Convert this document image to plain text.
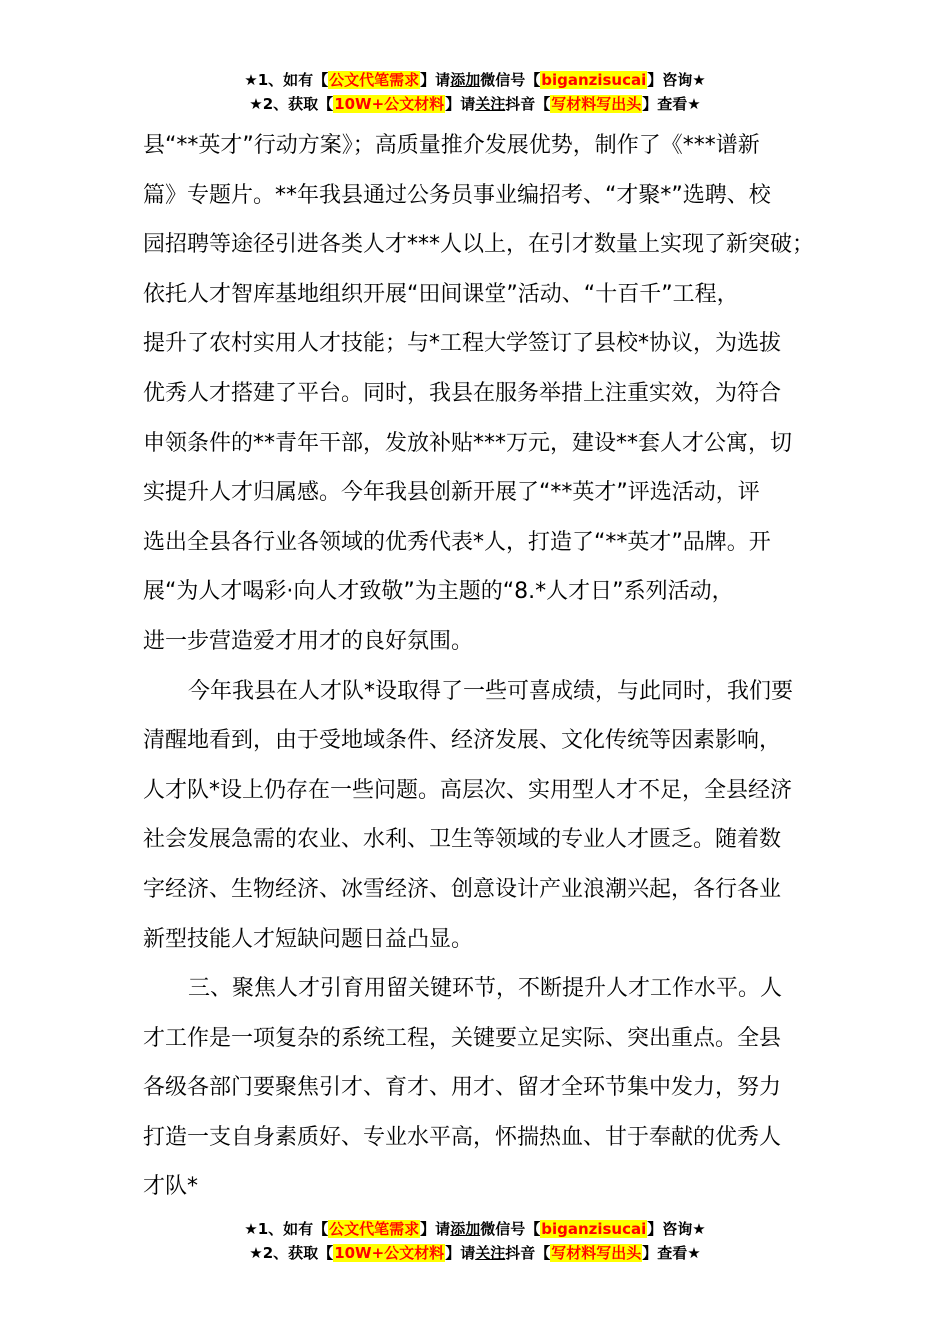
★1、如有【公文代笔需求】请添加微信号【biganzisucai】咨询★
★2、获取【10W+公文材料】请关注抖音【写材料写出头】查看★

县“**英才”行动方案》；高质量推介发展优势，制作了《***谱新
篇》专题片。**年我县通过公务员事业编招考、“才聚*”选聘、校
园招聘等途径引进各类人才***人以上，在引才数量上实现了新突破；
依托人才智库基地组织开展“田间课堂”活动、“十百千”工程，
提升了农村实用人才技能；与*工程大学签订了县校*协议，为选拔
优秀人才搭建了平台。同时，我县在服务举措上注重实效，为符合
申领条件的**青年干部，发放补贴***万元，建设**套人才公寓，切
实提升人才归属感。今年我县创新开展了“**英才”评选活动，评
选出全县各行业各领域的优秀代表*人，打造了“**英才”品牌。开
展“为人才喝彩·向人才致敬”为主题的“8.*人才日”系列活动，
进一步营造爱才用才的良好氛围。

今年我县在人才队*设取得了一些可喜成绩，与此同时，我们要
清醒地看到，由于受地域条件、经济发展、文化传统等因素影响，
人才队*设上仍存在一些问题。高层次、实用型人才不足，全县经济
社会发展急需的农业、水利、卫生等领域的专业人才匮乏。随着数
字经济、生物经济、冰雪经济、创意设计产业浪潮兴起，各行各业
新型技能人才短缺问题日益凸显。

三、聚焦人才引育用留关键环节，不断提升人才工作水平。人
才工作是一项复杂的系统工程，关键要立足实际、突出重点。全县
各级各部门要聚焦引才、育才、用才、留才全环节集中发力，努力
打造一支自身素质好、专业水平高，怀揣热血、甘于奉献的优秀人
才队*

★1、如有【公文代笔需求】请添加微信号【biganzisucai】咨询★
★2、获取【10W+公文材料】请关注抖音【写材料写出头】查看★
